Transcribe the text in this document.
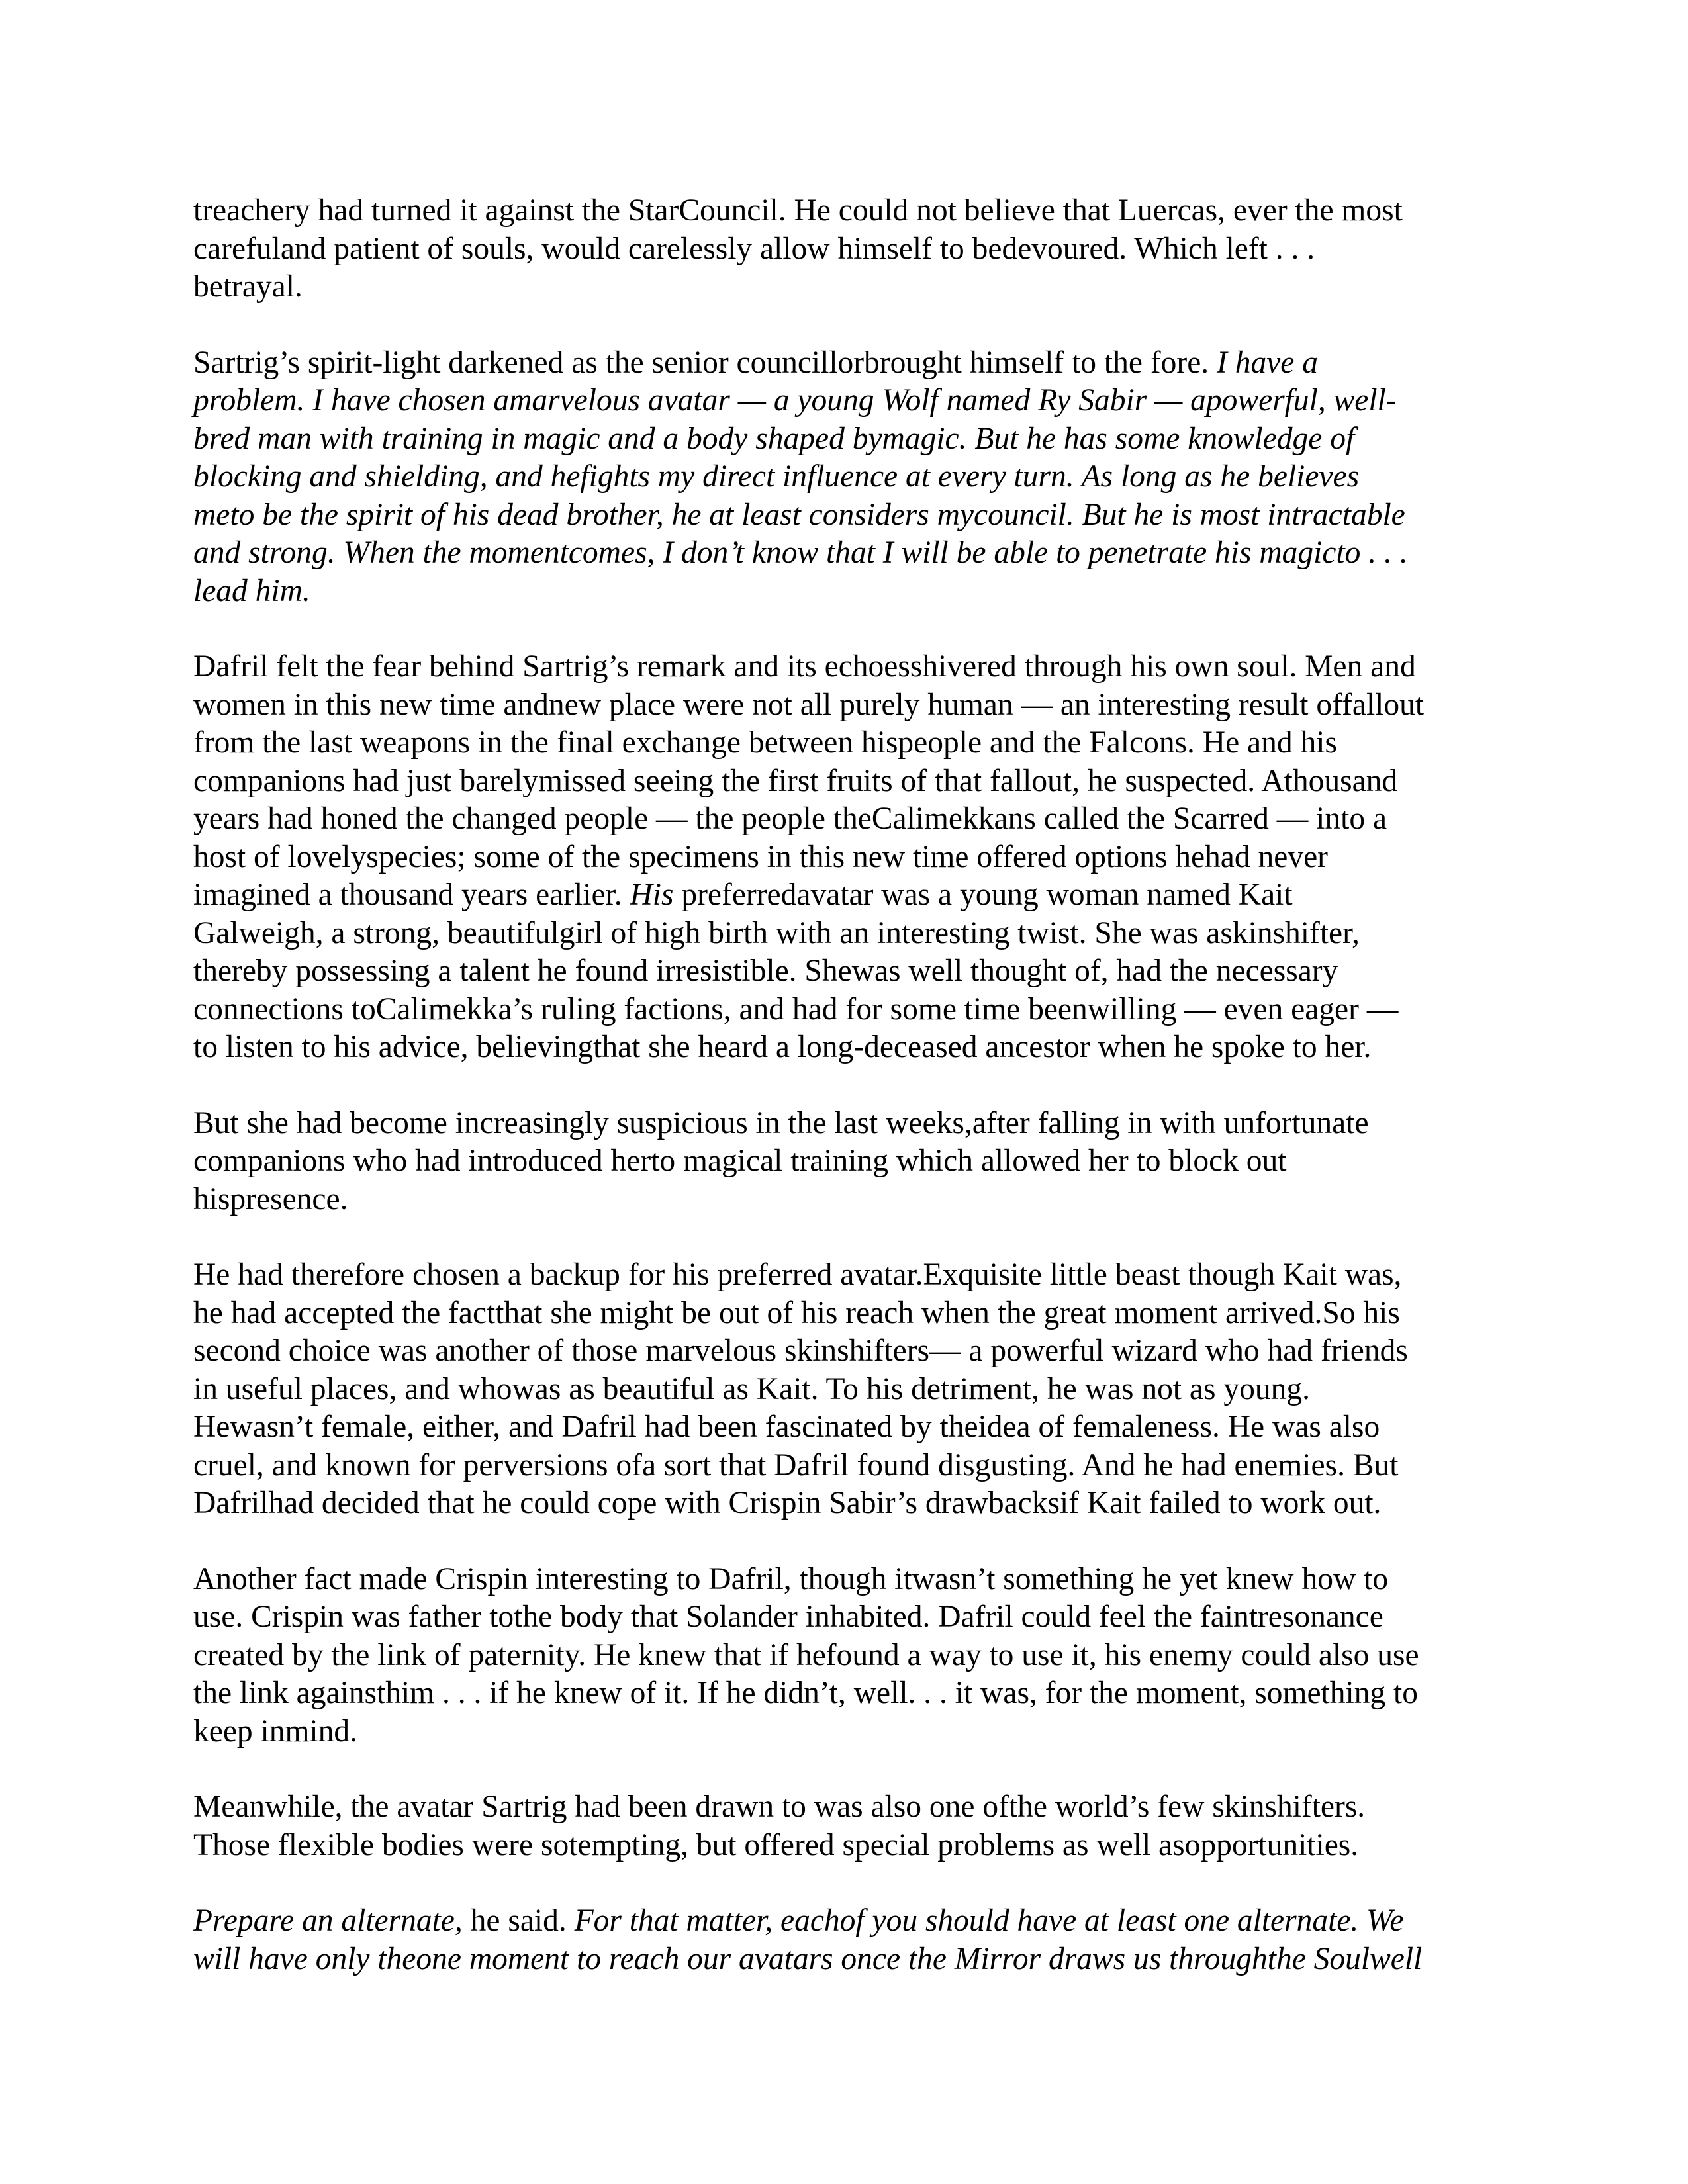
treachery had turned it against the StarCouncil. He could not believe that Luercas, ever the most
carefuland patient of souls, would carelessly allow himself to bedevoured. Which left . . .
betrayal.
Sartrig’s spirit-light darkened as the senior councillorbrought himself to the fore. I have a
problem. I have chosen amarvelous avatar — a young Wolf named Ry Sabir — apowerful, well-
bred man with training in magic and a body shaped bymagic. But he has some knowledge of
blocking and shielding, and hefights my direct influence at every turn. As long as he believes
meto be the spirit of his dead brother, he at least considers mycouncil. But he is most intractable
and strong. When the momentcomes, I don’t know that I will be able to penetrate his magicto . . .
lead him.
Dafril felt the fear behind Sartrig’s remark and its echoesshivered through his own soul. Men and
women in this new time andnew place were not all purely human — an interesting result offallout
from the last weapons in the final exchange between hispeople and the Falcons. He and his
companions had just barelymissed seeing the first fruits of that fallout, he suspected. Athousand
years had honed the changed people — the people theCalimekkans called the Scarred — into a
host of lovelyspecies; some of the specimens in this new time offered options hehad never
imagined a thousand years earlier. His preferredavatar was a young woman named Kait
Galweigh, a strong, beautifulgirl of high birth with an interesting twist. She was askinshifter,
thereby possessing a talent he found irresistible. Shewas well thought of, had the necessary
connections toCalimekka’s ruling factions, and had for some time beenwilling — even eager —
to listen to his advice, believingthat she heard a long-deceased ancestor when he spoke to her.
But she had become increasingly suspicious in the last weeks,after falling in with unfortunate
companions who had introduced herto magical training which allowed her to block out
hispresence.
He had therefore chosen a backup for his preferred avatar.Exquisite little beast though Kait was,
he had accepted the factthat she might be out of his reach when the great moment arrived.So his
second choice was another of those marvelous skinshifters— a powerful wizard who had friends
in useful places, and whowas as beautiful as Kait. To his detriment, he was not as young.
Hewasn’t female, either, and Dafril had been fascinated by theidea of femaleness. He was also
cruel, and known for perversions ofa sort that Dafril found disgusting. And he had enemies. But
Dafrilhad decided that he could cope with Crispin Sabir’s drawbacksif Kait failed to work out.
Another fact made Crispin interesting to Dafril, though itwasn’t something he yet knew how to
use. Crispin was father tothe body that Solander inhabited. Dafril could feel the faintresonance
created by the link of paternity. He knew that if hefound a way to use it, his enemy could also use
the link againsthim . . . if he knew of it. If he didn’t, well. . . it was, for the moment, something to
keep inmind.
Meanwhile, the avatar Sartrig had been drawn to was also one ofthe world’s few skinshifters.
Those flexible bodies were sotempting, but offered special problems as well asopportunities.
Prepare an alternate, he said. For that matter, eachof you should have at least one alternate. We
will have only theone moment to reach our avatars once the Mirror draws us throughthe Soulwell
